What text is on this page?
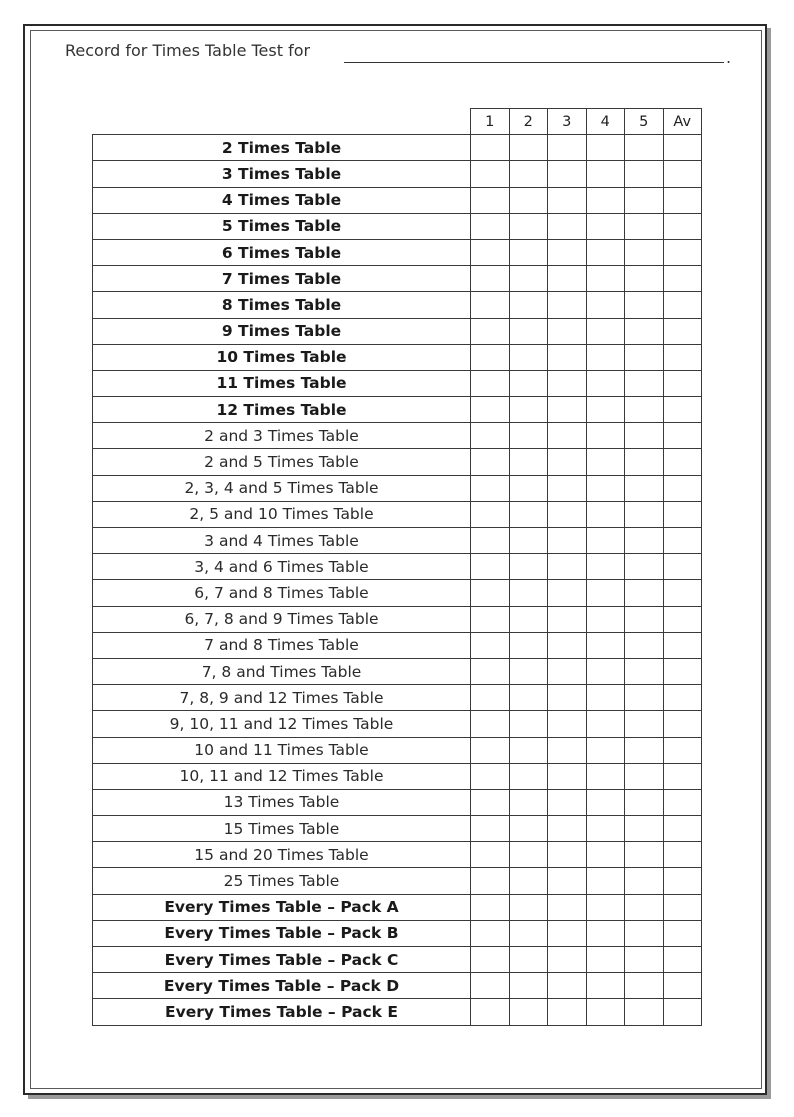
Record for Times Table Test for	.
	1	2	3	4	5	Av
2 Times Table						
3 Times Table						
4 Times Table						
5 Times Table						
6 Times Table						
7 Times Table						
8 Times Table						
9 Times Table						
10 Times Table						
11 Times Table						
12 Times Table						
2 and 3 Times Table						
2 and 5 Times Table						
2, 3, 4 and 5 Times Table						
2, 5 and 10 Times Table						
3 and 4 Times Table						
3, 4 and 6 Times Table						
6, 7 and 8 Times Table						
6, 7, 8 and 9 Times Table						
7 and 8 Times Table						
7, 8 and Times Table						
7, 8, 9 and 12 Times Table						
9, 10, 11 and 12 Times Table						
10 and 11 Times Table						
10, 11 and 12 Times Table						
13 Times Table						
15 Times Table						
15 and 20 Times Table						
25 Times Table						
Every Times Table – Pack A						
Every Times Table – Pack B						
Every Times Table – Pack C						
Every Times Table – Pack D						
Every Times Table – Pack E						
